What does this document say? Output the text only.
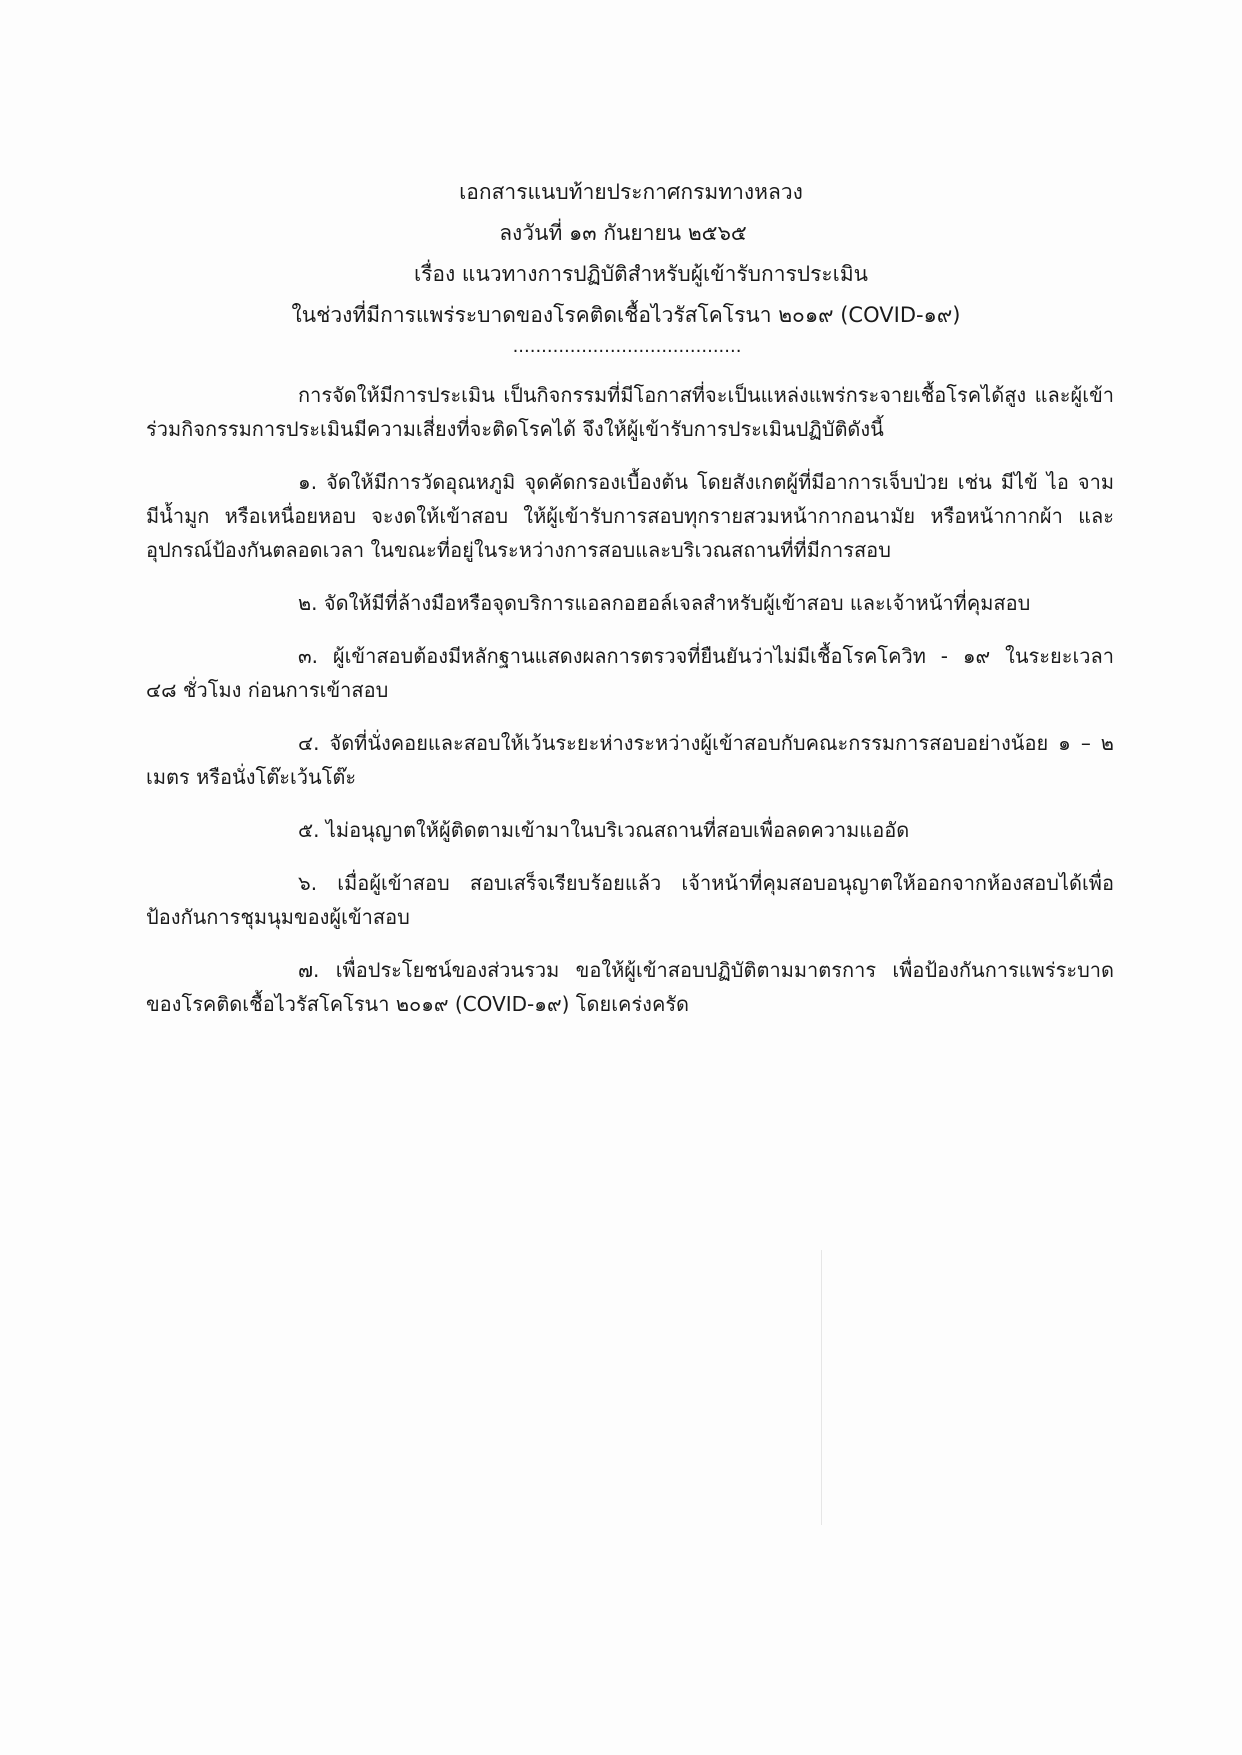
เอกสารแนบท้ายประกาศกรมทางหลวง
ลงวันที่ ๑๓ กันยายน ๒๕๖๕
เรื่อง แนวทางการปฏิบัติสำหรับผู้เข้ารับการประเมิน
ในช่วงที่มีการแพร่ระบาดของโรคติดเชื้อไวรัสโคโรนา ๒๐๑๙ (COVID-๑๙)
........................................

การจัดให้มีการประเมิน เป็นกิจกรรมที่มีโอกาสที่จะเป็นแหล่งแพร่กระจายเชื้อโรคได้สูง และผู้เข้าร่วมกิจกรรมการประเมินมีความเสี่ยงที่จะติดโรคได้ จึงให้ผู้เข้ารับการประเมินปฏิบัติดังนี้

๑. จัดให้มีการวัดอุณหภูมิ จุดคัดกรองเบื้องต้น โดยสังเกตผู้ที่มีอาการเจ็บป่วย เช่น มีไข้ ไอ จาม มีน้ำมูก หรือเหนื่อยหอบ จะงดให้เข้าสอบ ให้ผู้เข้ารับการสอบทุกรายสวมหน้ากากอนามัย หรือหน้ากากผ้า และอุปกรณ์ป้องกันตลอดเวลา ในขณะที่อยู่ในระหว่างการสอบและบริเวณสถานที่ที่มีการสอบ

๒. จัดให้มีที่ล้างมือหรือจุดบริการแอลกอฮอล์เจลสำหรับผู้เข้าสอบ และเจ้าหน้าที่คุมสอบ

๓. ผู้เข้าสอบต้องมีหลักฐานแสดงผลการตรวจที่ยืนยันว่าไม่มีเชื้อโรคโควิท - ๑๙ ในระยะเวลา ๔๘ ชั่วโมง ก่อนการเข้าสอบ

๔. จัดที่นั่งคอยและสอบให้เว้นระยะห่างระหว่างผู้เข้าสอบกับคณะกรรมการสอบอย่างน้อย ๑ – ๒ เมตร หรือนั่งโต๊ะเว้นโต๊ะ

๕. ไม่อนุญาตให้ผู้ติดตามเข้ามาในบริเวณสถานที่สอบเพื่อลดความแออัด

๖. เมื่อผู้เข้าสอบ สอบเสร็จเรียบร้อยแล้ว เจ้าหน้าที่คุมสอบอนุญาตให้ออกจากห้องสอบได้เพื่อป้องกันการชุมนุมของผู้เข้าสอบ

๗. เพื่อประโยชน์ของส่วนรวม ขอให้ผู้เข้าสอบปฏิบัติตามมาตรการ เพื่อป้องกันการแพร่ระบาดของโรคติดเชื้อไวรัสโคโรนา ๒๐๑๙ (COVID-๑๙) โดยเคร่งครัด
